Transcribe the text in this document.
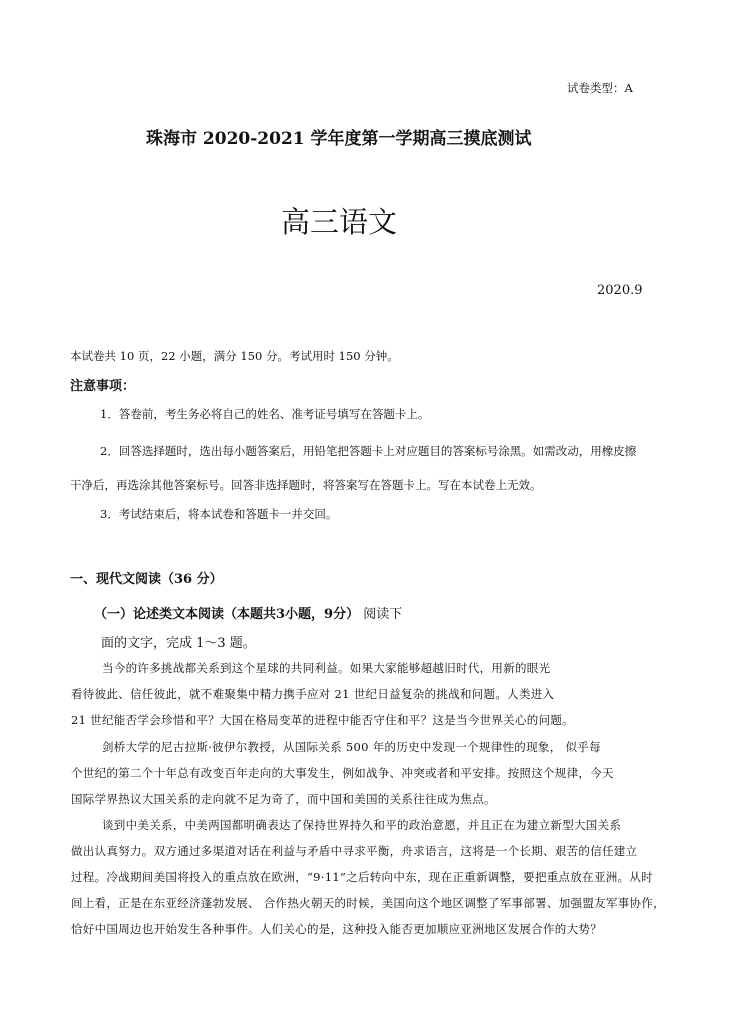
试卷类型：A
珠海市 2020-2021 学年度第一学期高三摸底测试
高三语文
2020.9
本试卷共 10 页，22 小题，满分 150 分。考试用时 150 分钟。
注意事项：
1．答卷前，考生务必将自己的姓名、准考证号填写在答题卡上。
2．回答选择题时，选出每小题答案后，用铅笔把答题卡上对应题目的答案标号涂黑。如需改动，用橡皮擦
干净后，再选涂其他答案标号。回答非选择题时，将答案写在答题卡上。写在本试卷上无效。
3．考试结束后，将本试卷和答题卡一并交回。
一、现代文阅读（36 分）
（一）论述类文本阅读（本题共3小题，9分） 阅读下
面的文字，完成 1～3 题。
当今的许多挑战都关系到这个星球的共同利益。如果大家能够超越旧时代，用新的眼光
看待彼此、信任彼此，就不难聚集中精力携手应对 21 世纪日益复杂的挑战和问题。人类进入
21 世纪能否学会珍惜和平？大国在格局变革的进程中能否守住和平？这是当今世界关心的问题。
剑桥大学的尼古拉斯·彼伊尔教授，从国际关系 500 年的历史中发现一个规律性的现象， 似乎每
个世纪的第二个十年总有改变百年走向的大事发生，例如战争、冲突或者和平安排。按照这个规律，今天
国际学界热议大国关系的走向就不足为奇了，而中国和美国的关系往往成为焦点。
谈到中美关系，中美两国都明确表达了保持世界持久和平的政治意愿，并且正在为建立新型大国关系
做出认真努力。双方通过多渠道对话在利益与矛盾中寻求平衡，舟求语言，这将是一个长期、艰苦的信任建立
过程。冷战期间美国将投入的重点放在欧洲，“9·11”之后转向中东，现在正重新调整，要把重点放在亚洲。从时
间上看，正是在东亚经济蓬勃发展、 合作热火朝天的时候，美国向这个地区调整了军事部署、加强盟友军事协作，
恰好中国周边也开始发生各种事件。人们关心的是，这种投入能否更加顺应亚洲地区发展合作的大势？
